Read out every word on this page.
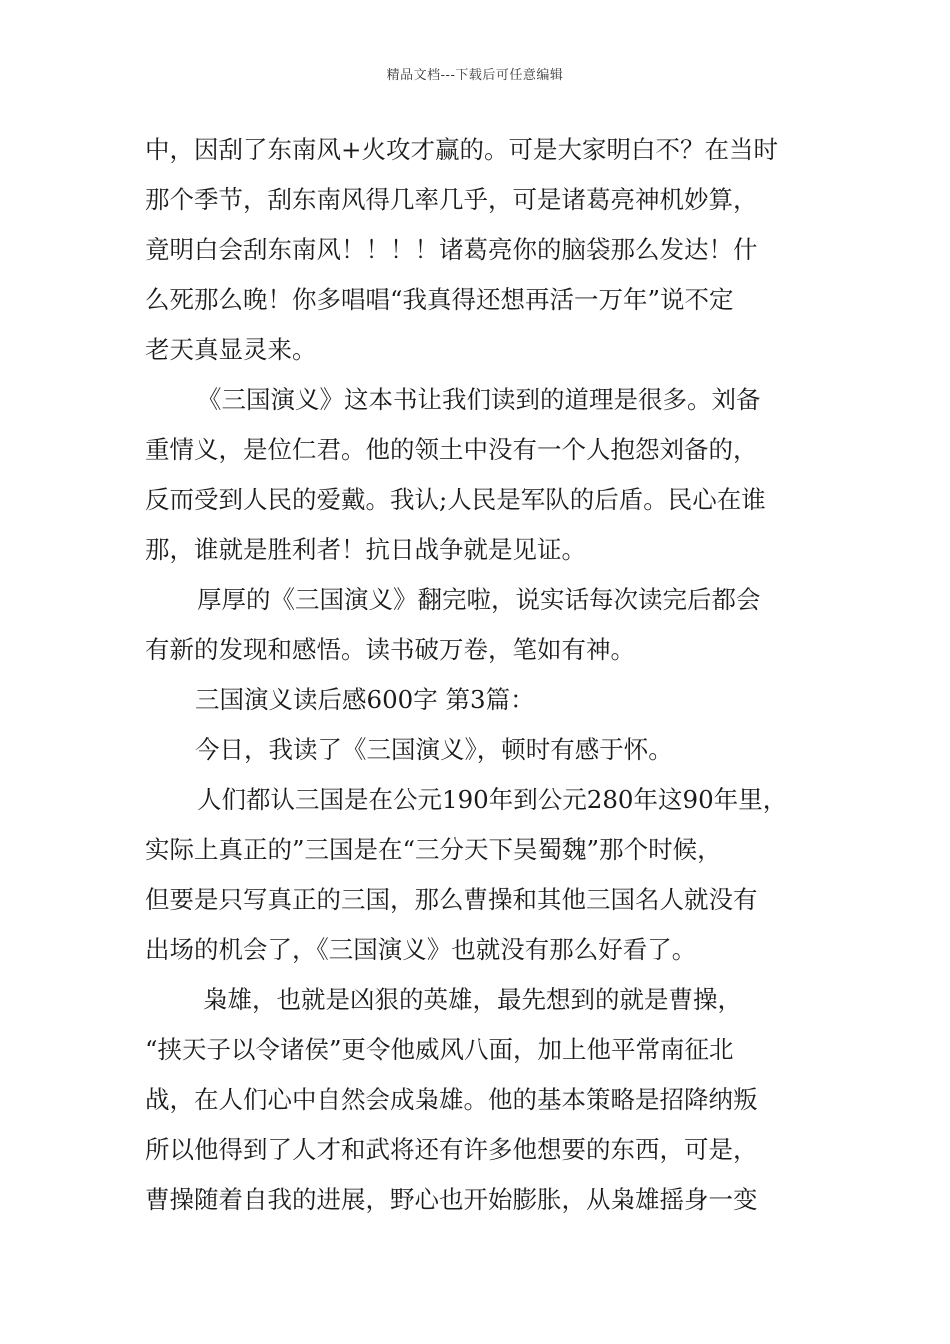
精品文档---下载后可任意编辑
中，因刮了东南风+火攻才赢的。可是大家明白不？在当时
那个季节，刮东南风得几率几乎，可是诸葛亮神机妙算，
竟明白会刮东南风！！！！诸葛亮你的脑袋那么发达！什
么死那么晚！你多唱唱“我真得还想再活一万年”说不定
老天真显灵来。
《三国演义》这本书让我们读到的道理是很多。刘备
重情义，是位仁君。他的领土中没有一个人抱怨刘备的，
反而受到人民的爱戴。我认;人民是军队的后盾。民心在谁
那，谁就是胜利者！抗日战争就是见证。
厚厚的《三国演义》翻完啦，说实话每次读完后都会
有新的发现和感悟。读书破万卷，笔如有神。
三国演义读后感600字 第3篇：
今日，我读了《三国演义》，顿时有感于怀。
人们都认三国是在公元190年到公元280年这90年里，
实际上真正的”三国是在“三分天下吴蜀魏”那个时候，
但要是只写真正的三国，那么曹操和其他三国名人就没有
出场的机会了，《三国演义》也就没有那么好看了。
枭雄，也就是凶狠的英雄，最先想到的就是曹操，
“挟天子以令诸侯”更令他威风八面，加上他平常南征北
战，在人们心中自然会成枭雄。他的基本策略是招降纳叛
所以他得到了人才和武将还有许多他想要的东西，可是，
曹操随着自我的进展，野心也开始膨胀，从枭雄摇身一变
